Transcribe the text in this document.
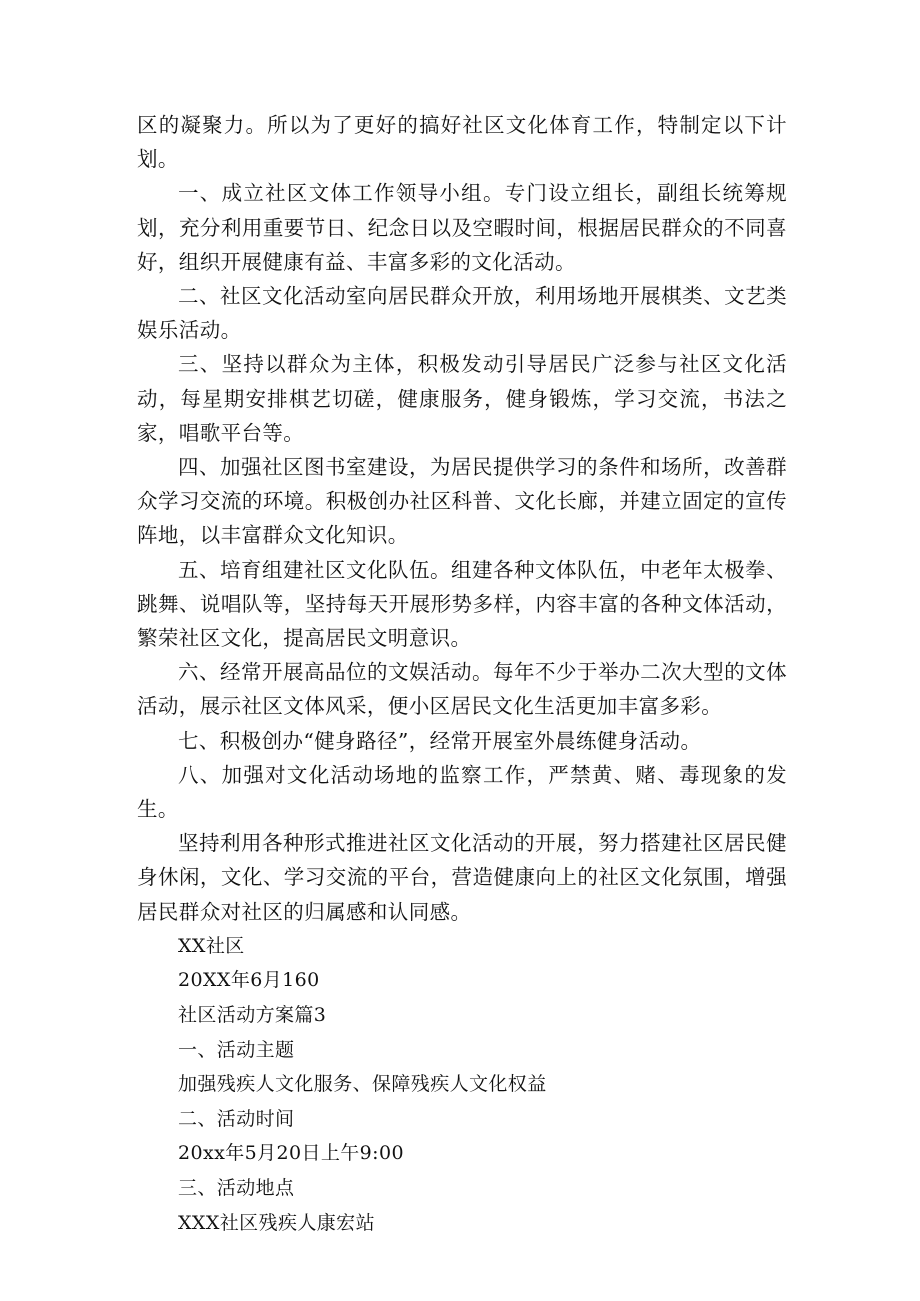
区的凝聚力。所以为了更好的搞好社区文化体育工作，特制定以下计划。

一、成立社区文体工作领导小组。专门设立组长，副组长统筹规划，充分利用重要节日、纪念日以及空暇时间，根据居民群众的不同喜好，组织开展健康有益、丰富多彩的文化活动。

二、社区文化活动室向居民群众开放，利用场地开展棋类、文艺类娱乐活动。

三、坚持以群众为主体，积极发动引导居民广泛参与社区文化活动，每星期安排棋艺切磋，健康服务，健身锻炼，学习交流，书法之家，唱歌平台等。

四、加强社区图书室建设，为居民提供学习的条件和场所，改善群众学习交流的环境。积极创办社区科普、文化长廊，并建立固定的宣传阵地，以丰富群众文化知识。

五、培育组建社区文化队伍。组建各种文体队伍，中老年太极拳、跳舞、说唱队等，坚持每天开展形势多样，内容丰富的各种文体活动，繁荣社区文化，提高居民文明意识。

六、经常开展高品位的文娱活动。每年不少于举办二次大型的文体活动，展示社区文体风采，便小区居民文化生活更加丰富多彩。

七、积极创办“健身路径”，经常开展室外晨练健身活动。

八、加强对文化活动场地的监察工作，严禁黄、赌、毒现象的发生。

坚持利用各种形式推进社区文化活动的开展，努力搭建社区居民健身休闲，文化、学习交流的平台，营造健康向上的社区文化氛围，增强居民群众对社区的归属感和认同感。

XX社区

20XX年6月160

社区活动方案篇3

一、活动主题

加强残疾人文化服务、保障残疾人文化权益

二、活动时间

20xx年5月20日上午9:00

三、活动地点

XXX社区残疾人康宏站
